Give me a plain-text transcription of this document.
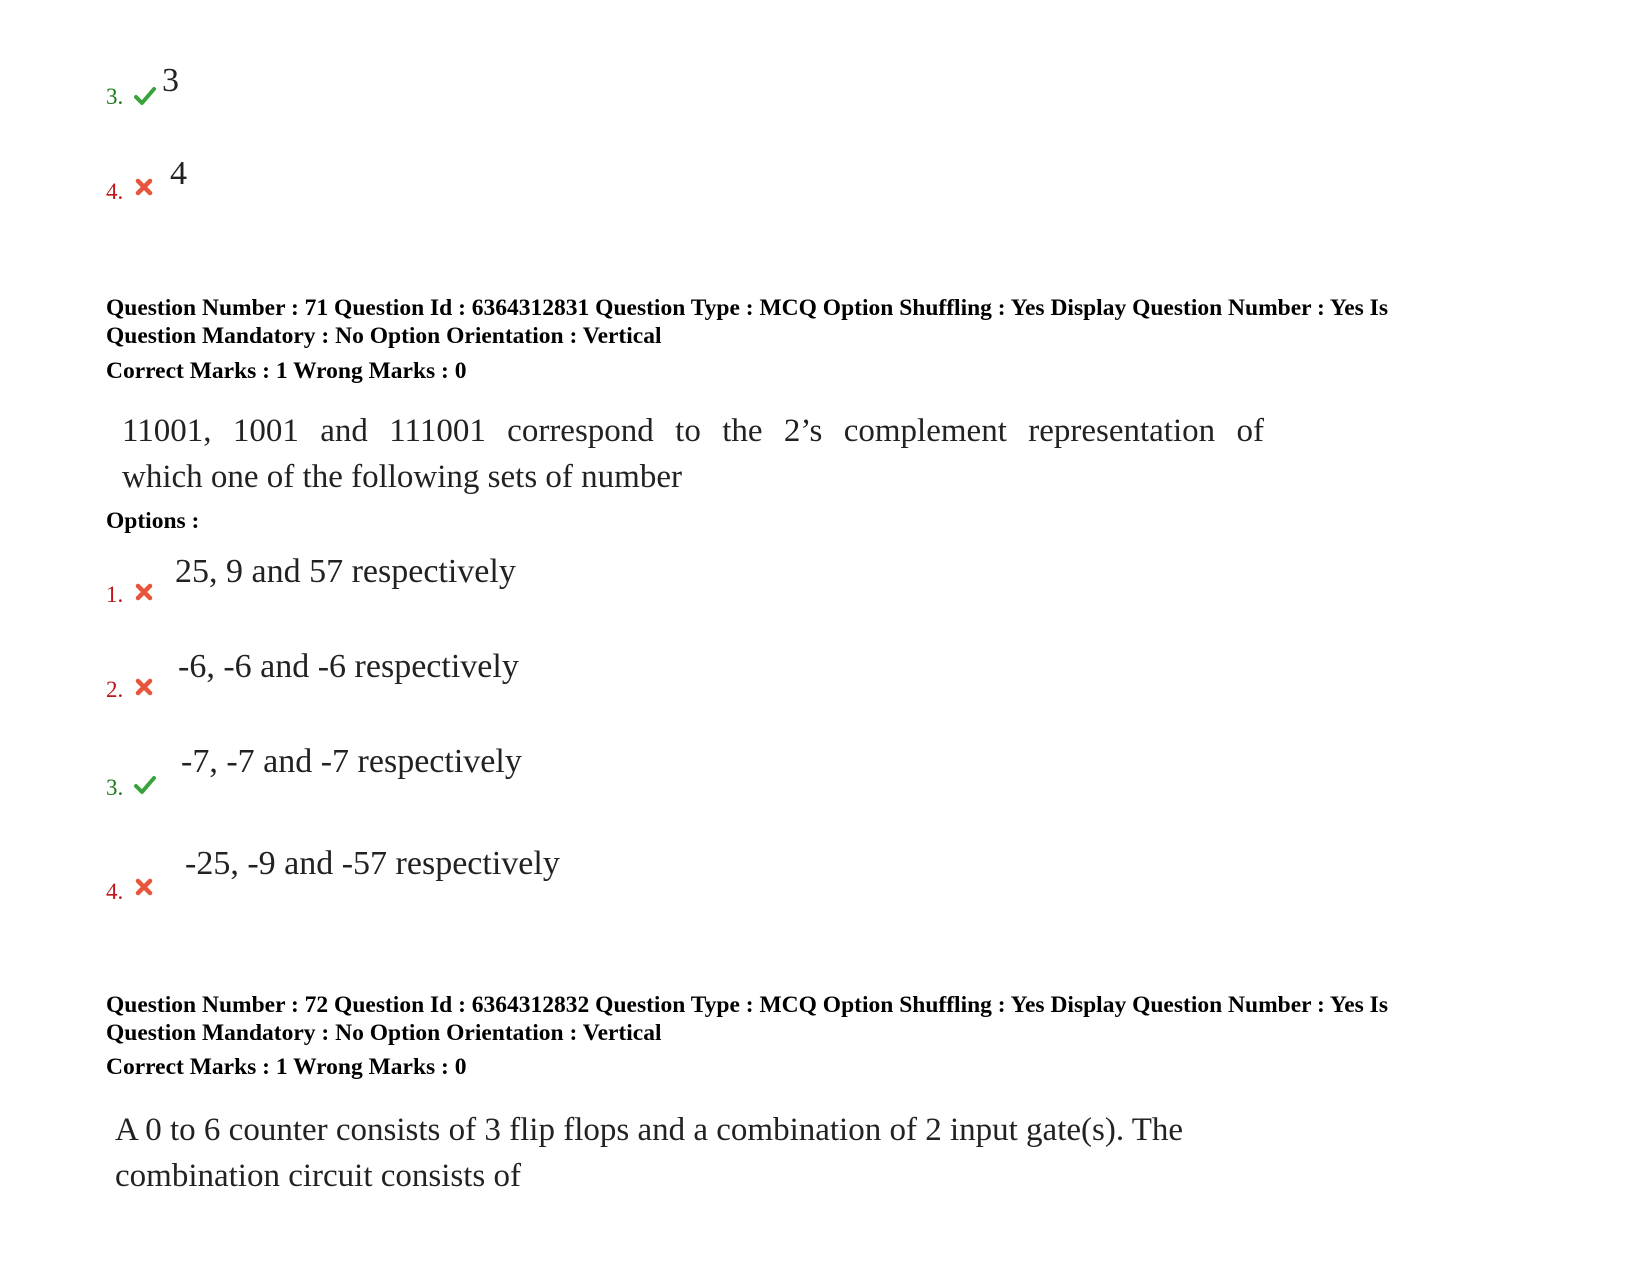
3. 3
4. 4
Question Number : 71 Question Id : 6364312831 Question Type : MCQ Option Shuffling : Yes Display Question Number : Yes Is
Question Mandatory : No Option Orientation : Vertical
Correct Marks : 1 Wrong Marks : 0
11001, 1001 and 111001 correspond to the 2’s complement representation of
which one of the following sets of number
Options :
1.
25, 9 and 57 respectively
2.
-6, -6 and -6 respectively
3.
-7, -7 and -7 respectively
4.
-25, -9 and -57 respectively
Question Number : 72 Question Id : 6364312832 Question Type : MCQ Option Shuffling : Yes Display Question Number : Yes Is
Question Mandatory : No Option Orientation : Vertical
Correct Marks : 1 Wrong Marks : 0
A 0 to 6 counter consists of 3 flip flops and a combination of 2 input gate(s). The
combination circuit consists of
